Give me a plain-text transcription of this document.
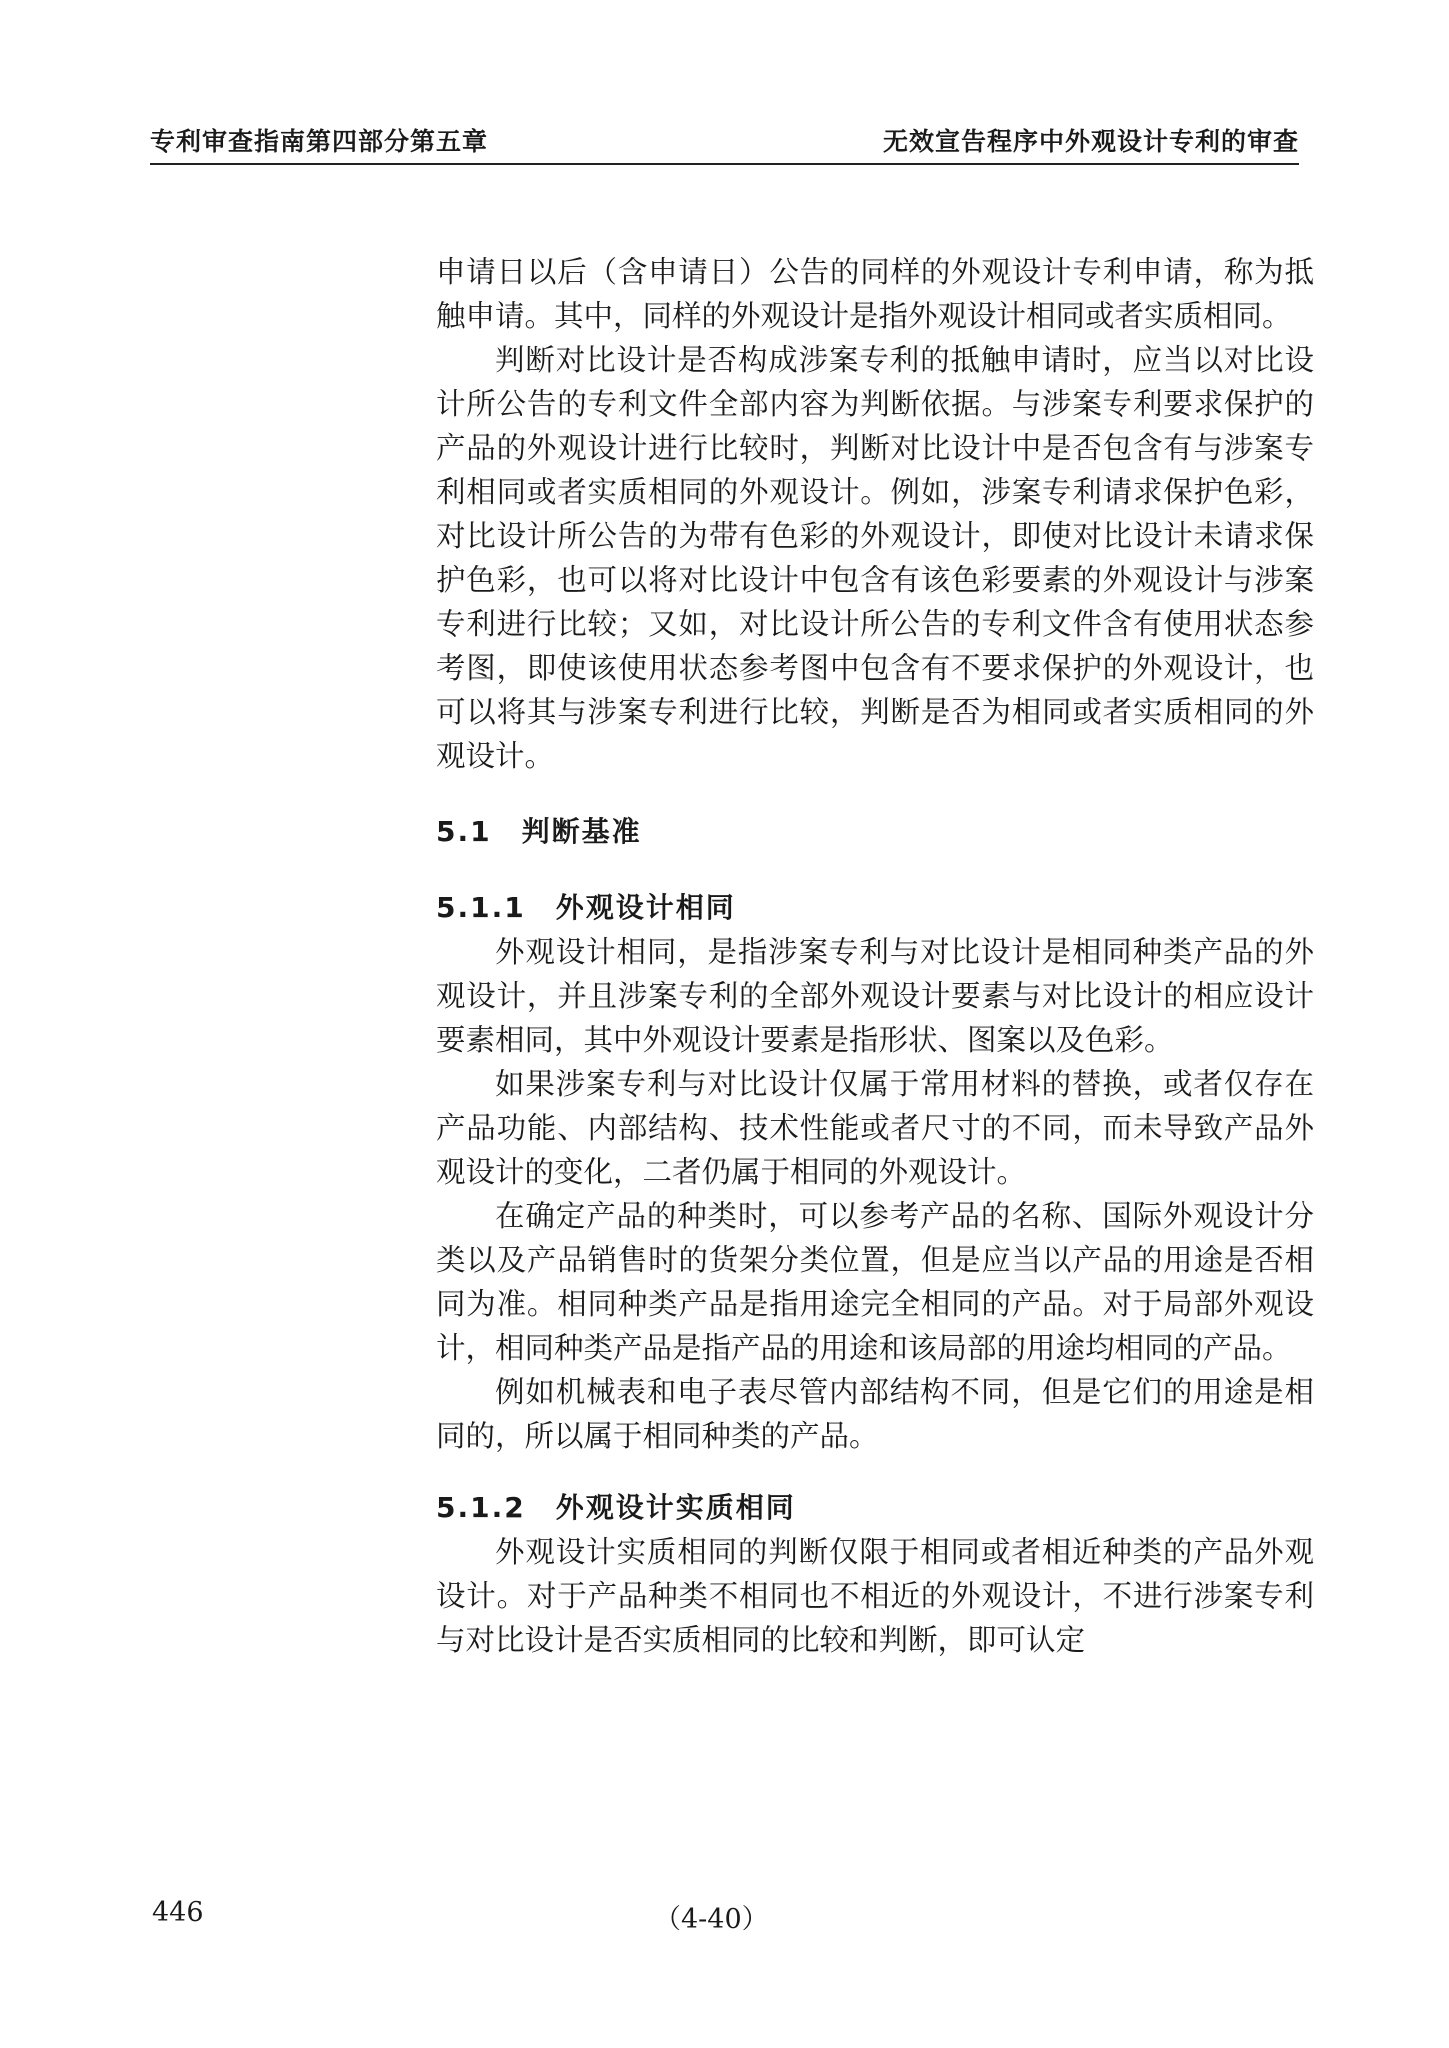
专利审查指南第四部分第五章	无效宣告程序中外观设计专利的审查

申请日以后（含申请日）公告的同样的外观设计专利申请，称为抵触申请。其中，同样的外观设计是指外观设计相同或者实质相同。

判断对比设计是否构成涉案专利的抵触申请时，应当以对比设计所公告的专利文件全部内容为判断依据。与涉案专利要求保护的产品的外观设计进行比较时，判断对比设计中是否包含有与涉案专利相同或者实质相同的外观设计。例如，涉案专利请求保护色彩，对比设计所公告的为带有色彩的外观设计，即使对比设计未请求保护色彩，也可以将对比设计中包含有该色彩要素的外观设计与涉案专利进行比较；又如，对比设计所公告的专利文件含有使用状态参考图，即使该使用状态参考图中包含有不要求保护的外观设计，也可以将其与涉案专利进行比较，判断是否为相同或者实质相同的外观设计。

5.1 判断基准
5.1.1 外观设计相同

外观设计相同，是指涉案专利与对比设计是相同种类产品的外观设计，并且涉案专利的全部外观设计要素与对比设计的相应设计要素相同，其中外观设计要素是指形状、图案以及色彩。

如果涉案专利与对比设计仅属于常用材料的替换，或者仅存在产品功能、内部结构、技术性能或者尺寸的不同，而未导致产品外观设计的变化，二者仍属于相同的外观设计。

在确定产品的种类时，可以参考产品的名称、国际外观设计分类以及产品销售时的货架分类位置，但是应当以产品的用途是否相同为准。相同种类产品是指用途完全相同的产品。对于局部外观设计，相同种类产品是指产品的用途和该局部的用途均相同的产品。

例如机械表和电子表尽管内部结构不同，但是它们的用途是相同的，所以属于相同种类的产品。

5.1.2 外观设计实质相同

外观设计实质相同的判断仅限于相同或者相近种类的产品外观设计。对于产品种类不相同也不相近的外观设计，不进行涉案专利与对比设计是否实质相同的比较和判断，即可认定

446	（4-40）
